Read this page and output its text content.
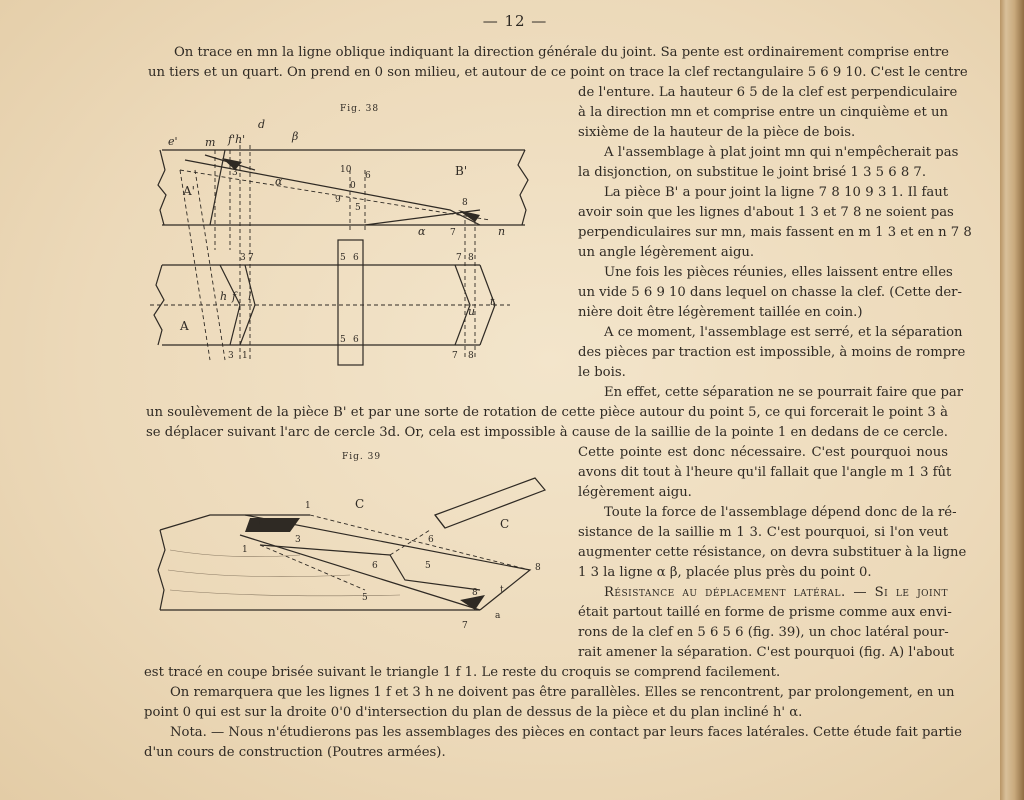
— 12 —
On trace en mn la ligne oblique indiquant la direction générale du joint. Sa pente est ordinairement comprise entre
un tiers et un quart. On prend en 0 son milieu, et autour de ce point on trace la clef rectangulaire 5 6 9 10. C'est le centre
de l'enture. La hauteur 6 5 de la clef est perpendiculaire
à la direction mn et comprise entre un cinquième et un
sixième de la hauteur de la pièce de bois.
A l'assemblage à plat joint mn qui n'empêcherait pas
la disjonction, on substitue le joint brisé 1 3 5 6 8 7.
La pièce B' a pour joint la ligne 7 8 10 9 3 1. Il faut
avoir soin que les lignes d'about 1 3 et 7 8 ne soient pas
perpendiculaires sur mn, mais fassent en m 1 3 et en n 7 8
un angle légèrement aigu.
Une fois les pièces réunies, elles laissent entre elles
un vide 5 6 9 10 dans lequel on chasse la clef. (Cette der-
nière doit être légèrement taillée en coin.)
A ce moment, l'assemblage est serré, et la séparation
des pièces par traction est impossible, à moins de rompre
le bois.
En effet, cette séparation ne se pourrait faire que par
un soulèvement de la pièce B' et par une sorte de rotation de cette pièce autour du point 5, ce qui forcerait le point 3 à
se déplacer suivant l'arc de cercle 3d. Or, cela est impossible à cause de la saillie de la pointe 1 en dedans de ce cercle.
Cette pointe est donc nécessaire. C'est pourquoi nous
avons dit tout à l'heure qu'il fallait que l'angle m 1 3 fût
légèrement aigu.
Toute la force de l'assemblage dépend donc de la ré-
sistance de la saillie m 1 3. C'est pourquoi, si l'on veut
augmenter cette résistance, on devra substituer à la ligne
1 3 la ligne α β, placée plus près du point 0.
Résistance au déplacement latéral. — Si le joint
était partout taillé en forme de prisme comme aux envi-
rons de la clef en 5 6 5 6 (fig. 39), un choc latéral pour-
rait amener la séparation. C'est pourquoi (fig. A) l'about
est tracé en coupe brisée suivant le triangle 1 f 1. Le reste du croquis se comprend facilement.
On remarquera que les lignes 1 f et 3 h ne doivent pas être parallèles. Elles se rencontrent, par prolongement, en un
point 0 qui est sur la droite 0'0 d'intersection du plan de dessus de la pièce et du plan incliné h' α.
Nota. — Nous n'étudierons pas les assemblages des pièces en contact par leurs faces latérales. Cette étude fait partie
d'un cours de construction (Poutres armées).
Fig. 38
e' m f'h'
d
β
α
α	n
t
u
h f l
B'
A'
A
10
6
0
9
5
3
3 7	5 6
5 6
7 8
7
8
3 1	7 8
Fig. 39
C
C
1
1
3	6
6	5
5
8
8
7
a
t
f
